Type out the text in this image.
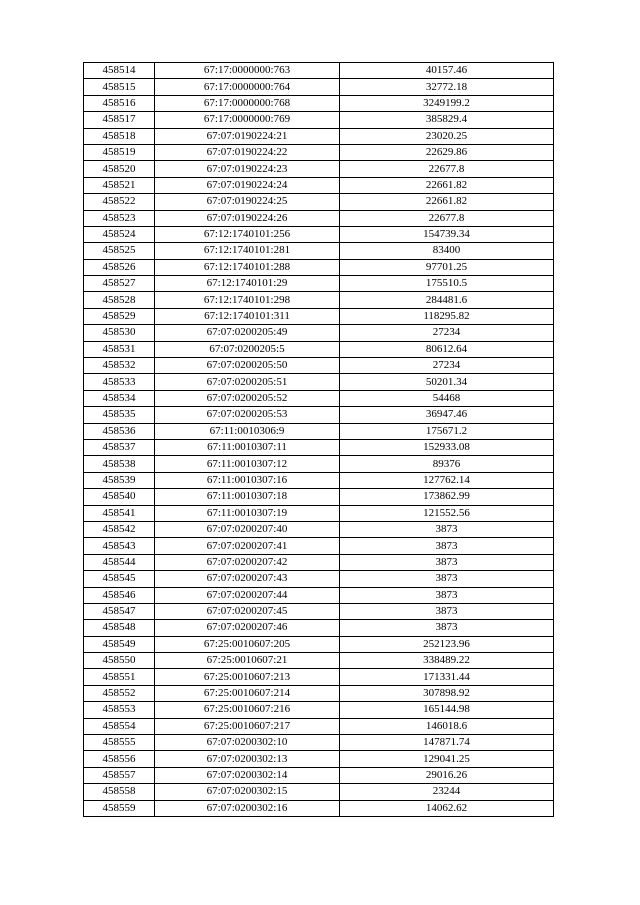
458514	67:17:0000000:763	40157.46
458515	67:17:0000000:764	32772.18
458516	67:17:0000000:768	3249199.2
458517	67:17:0000000:769	385829.4
458518	67:07:0190224:21	23020.25
458519	67:07:0190224:22	22629.86
458520	67:07:0190224:23	22677.8
458521	67:07:0190224:24	22661.82
458522	67:07:0190224:25	22661.82
458523	67:07:0190224:26	22677.8
458524	67:12:1740101:256	154739.34
458525	67:12:1740101:281	83400
458526	67:12:1740101:288	97701.25
458527	67:12:1740101:29	175510.5
458528	67:12:1740101:298	284481.6
458529	67:12:1740101:311	118295.82
458530	67:07:0200205:49	27234
458531	67:07:0200205:5	80612.64
458532	67:07:0200205:50	27234
458533	67:07:0200205:51	50201.34
458534	67:07:0200205:52	54468
458535	67:07:0200205:53	36947.46
458536	67:11:0010306:9	175671.2
458537	67:11:0010307:11	152933.08
458538	67:11:0010307:12	89376
458539	67:11:0010307:16	127762.14
458540	67:11:0010307:18	173862.99
458541	67:11:0010307:19	121552.56
458542	67:07:0200207:40	3873
458543	67:07:0200207:41	3873
458544	67:07:0200207:42	3873
458545	67:07:0200207:43	3873
458546	67:07:0200207:44	3873
458547	67:07:0200207:45	3873
458548	67:07:0200207:46	3873
458549	67:25:0010607:205	252123.96
458550	67:25:0010607:21	338489.22
458551	67:25:0010607:213	171331.44
458552	67:25:0010607:214	307898.92
458553	67:25:0010607:216	165144.98
458554	67:25:0010607:217	146018.6
458555	67:07:0200302:10	147871.74
458556	67:07:0200302:13	129041.25
458557	67:07:0200302:14	29016.26
458558	67:07:0200302:15	23244
458559	67:07:0200302:16	14062.62
